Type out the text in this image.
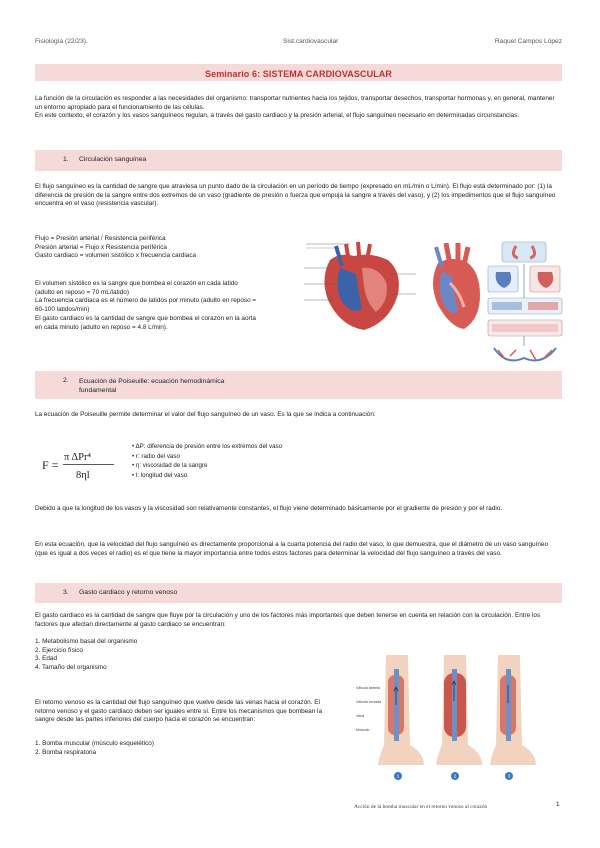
Fisiología (22/23).	Sist.cardiovascular	Raquel Campos López
Seminario 6: SISTEMA CARDIOVASCULAR
La función de la circulación es responder a las necesidades del organismo: transportar nutrientes hacia los tejidos, transportar desechos, transportar hormonas y, en general, mantener un entorno apropiado para el funcionamiento de las células.
En este contexto, el corazón y los vasos sanguíneos regulan, a través del gasto cardiaco y la presión arterial, el flujo sanguíneo necesario en determinadas circunstancias.
1. Circulación sanguínea
El flujo sanguíneo es la cantidad de sangre que atraviesa un punto dado de la circulación en un período de tiempo (expresado en mL/min o L/min). El flujo está determinado por: (1) la diferencia de presión de la sangre entre dos extremos de un vaso (gradiente de presión o fuerza que empuja la sangre a través del vaso), y (2) los impedimentos que el flujo sanguíneo encuentra en el vaso (resistencia vascular).
Flujo = Presión arterial / Resistencia periférica
Presión arterial = Flujo x Resistencia periférica
Gasto cardiaco = volumen sistólico x frecuencia cardiaca
El volumen sistólico es la sangre que bombea el corazón en cada latido (adulto en reposo = 70 mL/latido)
La frecuencia cardiaca es el número de latidos por minuto (adulto en reposo = 60-100 latidos/min)
El gasto cardiaco es la cantidad de sangre que bombea el corazón en la aorta en cada minuto (adulto en reposo = 4.8 L/min).
2. Ecuación de Poiseuille: ecuación hemodinámica fundamental
La ecuación de Poiseuille permite determinar el valor del flujo sanguíneo de un vaso. Es la que se indica a continuación:
F =
π ΔPr⁴
8ηl
• ΔP: diferencia de presión entre los extremos del vaso
• r: radio del vaso
• η: viscosidad de la sangre
• l: longitud del vaso
Debido a que la longitud de los vasos y la viscosidad son relativamente constantes, el flujo viene determinado básicamente por el gradiente de presión y por el radio.
En esta ecuación, que la velocidad del flujo sanguíneo es directamente proporcional a la cuarta potencia del radio del vaso, lo que demuestra, que el diámetro de un vaso sanguíneo (que es igual a dos veces el radio) es el que tiene la mayor importancia entre todos estos factores para determinar la velocidad del flujo sanguíneo a través del vaso.
3. Gasto cardiaco y retorno venoso
El gasto cardiaco es la cantidad de sangre que fluye por la circulación y uno de los factores más importantes que deben tenerse en cuenta en relación con la circulación. Entre los factores que afectan directamente al gasto cardiaco se encuentran:
1. Metabolismo basal del organismo
2. Ejercicio físico
3. Edad
4. Tamaño del organismo
El retorno venoso es la cantidad del flujo sanguíneo que vuelve desde las venas hacia el corazón. El retorno venoso y el gasto cardiaco deben ser iguales entre sí. Entre los mecanismos que bombean la sangre desde las partes inferiores del cuerpo hacia el corazón se encuentran:
1. Bomba muscular (músculo esquelético)
2. Bomba respiratoria
Válvula abierta
Válvula cerrada
Vena
Músculo
1	2	3
Acción de la bomba muscular en el retorno venoso al corazón	1
